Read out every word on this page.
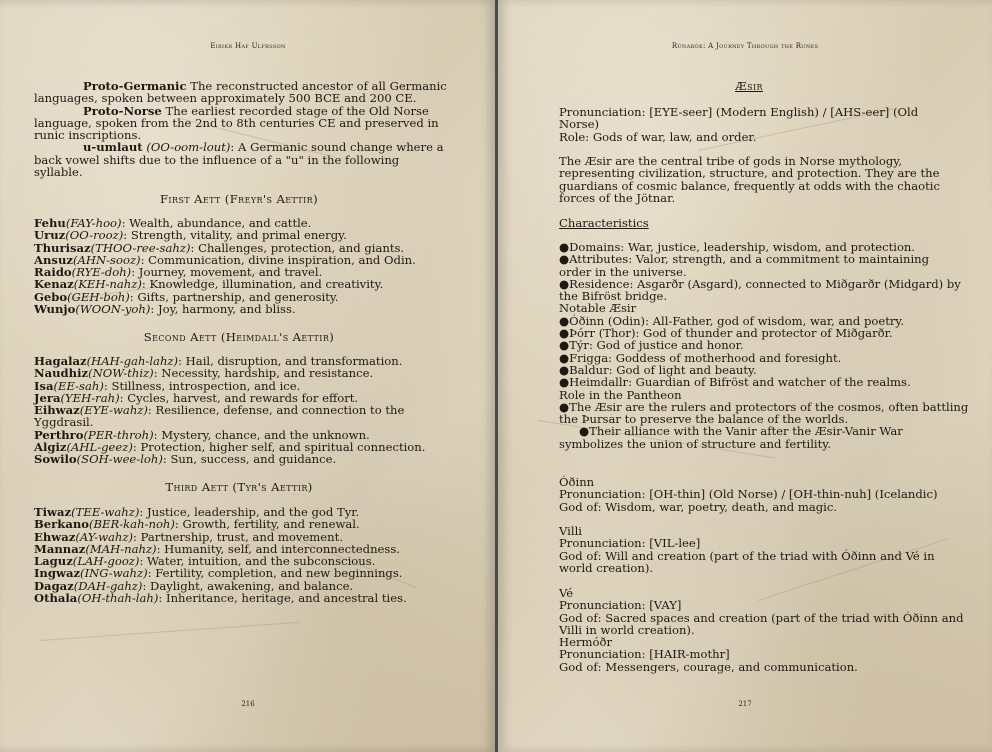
Eirikr Haf Ulfrsson
Proto-Germanic The reconstructed ancestor of all Germanic
languages, spoken between approximately 500 BCE and 200 CE.
Proto-Norse The earliest recorded stage of the Old Norse
language, spoken from the 2nd to 8th centuries CE and preserved in
runic inscriptions.
u-umlaut (OO-oom-lout): A Germanic sound change where a
back vowel shifts due to the influence of a "u" in the following
syllable.
First Aett (Freyr's Aettir)
Fehu(FAY-hoo): Wealth, abundance, and cattle.
Uruz(OO-rooz): Strength, vitality, and primal energy.
Thurisaz(THOO-ree-sahz): Challenges, protection, and giants.
Ansuz(AHN-sooz): Communication, divine inspiration, and Odin.
Raido(RYE-doh): Journey, movement, and travel.
Kenaz(KEH-nahz): Knowledge, illumination, and creativity.
Gebo(GEH-boh): Gifts, partnership, and generosity.
Wunjo(WOON-yoh): Joy, harmony, and bliss.
Second Aett (Heimdall's Aettir)
Hagalaz(HAH-gah-lahz): Hail, disruption, and transformation.
Naudhiz(NOW-thiz): Necessity, hardship, and resistance.
Isa(EE-sah): Stillness, introspection, and ice.
Jera(YEH-rah): Cycles, harvest, and rewards for effort.
Eihwaz(EYE-wahz): Resilience, defense, and connection to the
Yggdrasil.
Perthro(PER-throh): Mystery, chance, and the unknown.
Algiz(AHL-geez): Protection, higher self, and spiritual connection.
Sowilo(SOH-wee-loh): Sun, success, and guidance.
Third Aett (Tyr's Aettir)
Tiwaz(TEE-wahz): Justice, leadership, and the god Tyr.
Berkano(BER-kah-noh): Growth, fertility, and renewal.
Ehwaz(AY-wahz): Partnership, trust, and movement.
Mannaz(MAH-nahz): Humanity, self, and interconnectedness.
Laguz(LAH-gooz): Water, intuition, and the subconscious.
Ingwaz(ING-wahz): Fertility, completion, and new beginnings.
Dagaz(DAH-gahz): Daylight, awakening, and balance.
Othala(OH-thah-lah): Inheritance, heritage, and ancestral ties.
216
Rúnabók: A Journey Through the Runes
Æsir
Pronunciation: [EYE-seer] (Modern English) / [AHS-eer] (Old
Norse)
Role: Gods of war, law, and order.
The Æsir are the central tribe of gods in Norse mythology,
representing civilization, structure, and protection. They are the
guardians of cosmic balance, frequently at odds with the chaotic
forces of the Jötnar.
Characteristics
●Domains: War, justice, leadership, wisdom, and protection.
●Attributes: Valor, strength, and a commitment to maintaining
order in the universe.
●Residence: Asgarðr (Asgard), connected to Miðgarðr (Midgard) by
the Bifröst bridge.
Notable Æsir
●Óðinn (Odin): All-Father, god of wisdom, war, and poetry.
●Þórr (Thor): God of thunder and protector of Miðgarðr.
●Týr: God of justice and honor.
●Frigga: Goddess of motherhood and foresight.
●Baldur: God of light and beauty.
●Heimdallr: Guardian of Bifröst and watcher of the realms.
Role in the Pantheon
●The Æsir are the rulers and protectors of the cosmos, often battling
the Þursar to preserve the balance of the worlds.
●Their alliance with the Vanir after the Æsir-Vanir War
symbolizes the union of structure and fertility.
Óðinn
Pronunciation: [OH-thin] (Old Norse) / [OH-thin-nuh] (Icelandic)
God of: Wisdom, war, poetry, death, and magic.
Villi
Pronunciation: [VIL-lee]
God of: Will and creation (part of the triad with Óðinn and Vé in
world creation).
Vé
Pronunciation: [VAY]
God of: Sacred spaces and creation (part of the triad with Óðinn and
Villi in world creation).
Hermóðr
Pronunciation: [HAIR-mothr]
God of: Messengers, courage, and communication.
217
